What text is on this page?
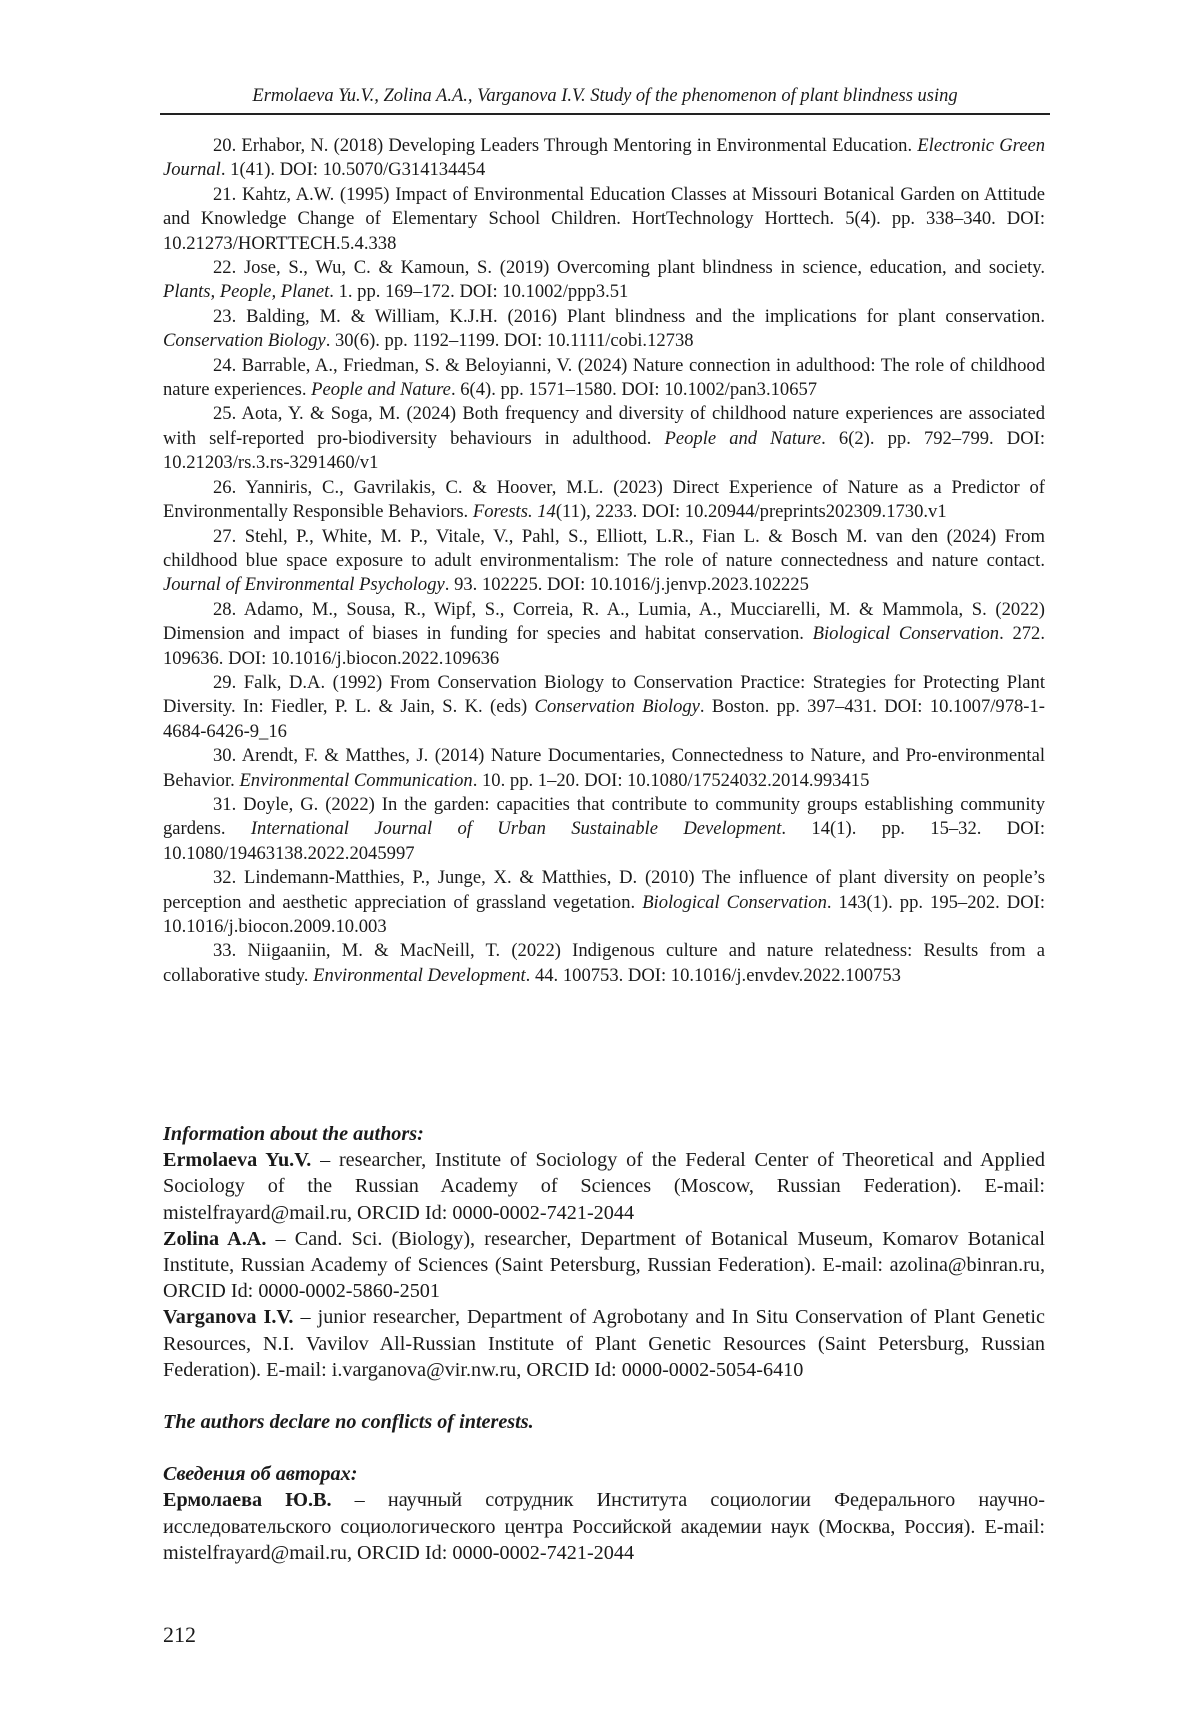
Ermolaeva Yu.V., Zolina A.A., Varganova I.V. Study of the phenomenon of plant blindness using

20. Erhabor, N. (2018) Developing Leaders Through Mentoring in Environmental Education. Electronic Green Journal. 1(41). DOI: 10.5070/G314134454

21. Kahtz, A.W. (1995) Impact of Environmental Education Classes at Missouri Botanical Garden on Attitude and Knowledge Change of Elementary School Children. HortTechnology Horttech. 5(4). pp. 338–340. DOI: 10.21273/HORTTECH.5.4.338

22. Jose, S., Wu, C. & Kamoun, S. (2019) Overcoming plant blindness in science, education, and society. Plants, People, Planet. 1. pp. 169–172. DOI: 10.1002/ppp3.51

23. Balding, M. & William, K.J.H. (2016) Plant blindness and the implications for plant conservation. Conservation Biology. 30(6). pp. 1192–1199. DOI: 10.1111/cobi.12738

24. Barrable, A., Friedman, S. & Beloyianni, V. (2024) Nature connection in adulthood: The role of childhood nature experiences. People and Nature. 6(4). pp. 1571–1580. DOI: 10.1002/pan3.10657

25. Aota, Y. & Soga, M. (2024) Both frequency and diversity of childhood nature experiences are associated with self-reported pro-biodiversity behaviours in adulthood. People and Nature. 6(2). pp. 792–799. DOI: 10.21203/rs.3.rs-3291460/v1

26. Yanniris, C., Gavrilakis, C. & Hoover, M.L. (2023) Direct Experience of Nature as a Predictor of Environmentally Responsible Behaviors. Forests. 14(11), 2233. DOI: 10.20944/preprints202309.1730.v1

27. Stehl, P., White, M. P., Vitale, V., Pahl, S., Elliott, L.R., Fian L. & Bosch M. van den (2024) From childhood blue space exposure to adult environmentalism: The role of nature connectedness and nature contact. Journal of Environmental Psychology. 93. 102225. DOI: 10.1016/j.jenvp.2023.102225

28. Adamo, M., Sousa, R., Wipf, S., Correia, R. A., Lumia, A., Mucciarelli, M. & Mammola, S. (2022) Dimension and impact of biases in funding for species and habitat conservation. Biological Conservation. 272. 109636. DOI: 10.1016/j.biocon.2022.109636

29. Falk, D.A. (1992) From Conservation Biology to Conservation Practice: Strategies for Protecting Plant Diversity. In: Fiedler, P. L. & Jain, S. K. (eds) Conservation Biology. Boston. pp. 397–431. DOI: 10.1007/978-1-4684-6426-9_16

30. Arendt, F. & Matthes, J. (2014) Nature Documentaries, Connectedness to Nature, and Pro-environmental Behavior. Environmental Communication. 10. pp. 1–20. DOI: 10.1080/17524032.2014.993415

31. Doyle, G. (2022) In the garden: capacities that contribute to community groups establishing community gardens. International Journal of Urban Sustainable Development. 14(1). pp. 15–32. DOI: 10.1080/19463138.2022.2045997

32. Lindemann-Matthies, P., Junge, X. & Matthies, D. (2010) The influence of plant diversity on people’s perception and aesthetic appreciation of grassland vegetation. Biological Conservation. 143(1). pp. 195–202. DOI: 10.1016/j.biocon.2009.10.003

33. Niigaaniin, M. & MacNeill, T. (2022) Indigenous culture and nature relatedness: Results from a collaborative study. Environmental Development. 44. 100753. DOI: 10.1016/j.envdev.2022.100753

Information about the authors:

Ermolaeva Yu.V. – researcher, Institute of Sociology of the Federal Center of Theoretical and Applied Sociology of the Russian Academy of Sciences (Moscow, Russian Federation). E-mail: mistelfrayard@mail.ru, ORCID Id: 0000-0002-7421-2044

Zolina A.A. – Cand. Sci. (Biology), researcher, Department of Botanical Museum, Komarov Botanical Institute, Russian Academy of Sciences (Saint Petersburg, Russian Federation). E-mail: azolina@binran.ru, ORCID Id: 0000-0002-5860-2501

Varganova I.V. – junior researcher, Department of Agrobotany and In Situ Conservation of Plant Genetic Resources, N.I. Vavilov All-Russian Institute of Plant Genetic Resources (Saint Petersburg, Russian Federation). E-mail: i.varganova@vir.nw.ru, ORCID Id: 0000-0002-5054-6410

The authors declare no conflicts of interests.

Сведения об авторах:

Ермолаева Ю.В. – научный сотрудник Института социологии Федерального научно-исследовательского социологического центра Российской академии наук (Москва, Россия). E-mail: mistelfrayard@mail.ru, ORCID Id: 0000-0002-7421-2044

212
